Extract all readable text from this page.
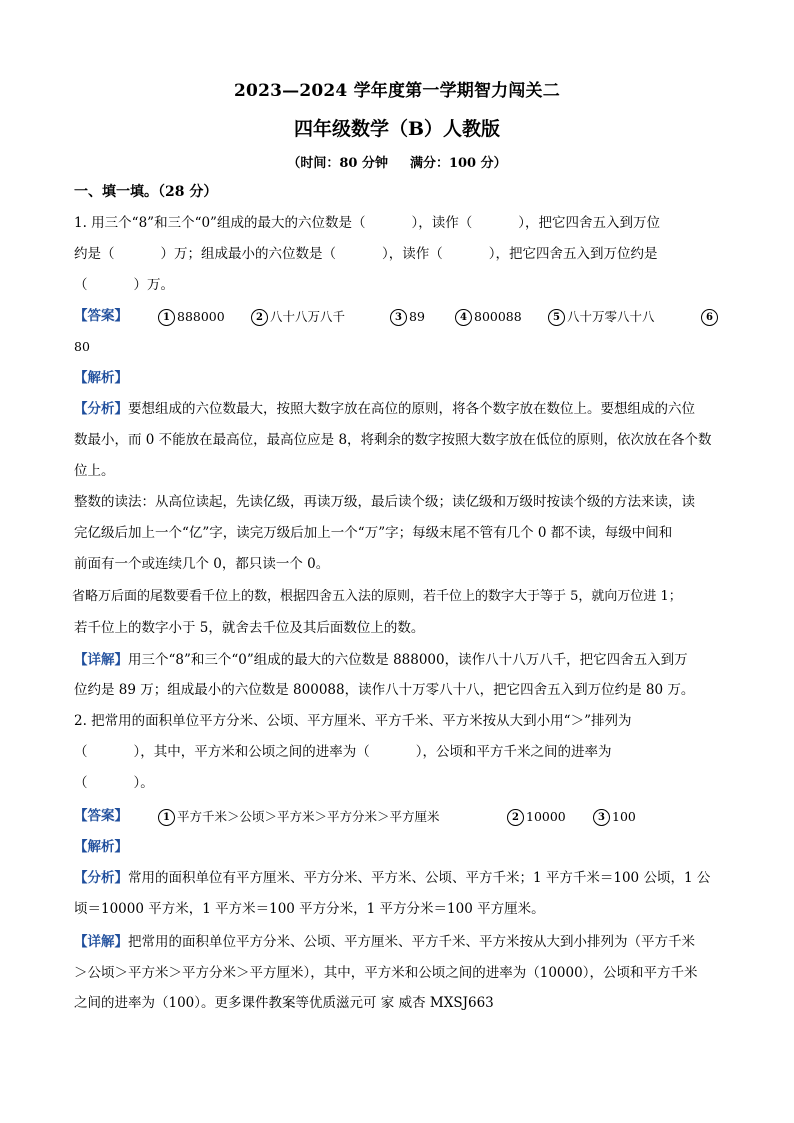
2023—2024 学年度第一学期智力闯关二
四年级数学（B）人教版
（时间：80 分钟 满分：100 分）
一、填一填。（28 分）
1. 用三个“8”和三个“0”组成的最大的六位数是（	），读作（	），把它四舍五入到万位
约是（	）万；组成最小的六位数是（	），读作（	），把它四舍五入到万位约是
（	）万。
【答案】	1 888000	2 八十八万八千	3 89	4 800088	5 八十万零八十八	6
80
【解析】
【分析】要想组成的六位数最大，按照大数字放在高位的原则，将各个数字放在数位上。要想组成的六位
数最小，而 0 不能放在最高位，最高位应是 8，将剩余的数字按照大数字放在低位的原则，依次放在各个数
位上。
整数的读法：从高位读起，先读亿级，再读万级，最后读个级；读亿级和万级时按读个级的方法来读，读
完亿级后加上一个“亿”字，读完万级后加上一个“万”字；每级末尾不管有几个 0 都不读，每级中间和
前面有一个或连续几个 0，都只读一个 0。
省略万后面的尾数要看千位上的数，根据四舍五入法的原则，若千位上的数字大于等于 5，就向万位进 1；
若千位上的数字小于 5，就舍去千位及其后面数位上的数。
【详解】用三个“8”和三个“0”组成的最大的六位数是 888000，读作八十八万八千，把它四舍五入到万
位约是 89 万；组成最小的六位数是 800088，读作八十万零八十八，把它四舍五入到万位约是 80 万。
2. 把常用的面积单位平方分米、公顷、平方厘米、平方千米、平方米按从大到小用“＞”排列为
（	），其中，平方米和公顷之间的进率为（	），公顷和平方千米之间的进率为
（	）。
【答案】	1 平方千米＞公顷＞平方米＞平方分米＞平方厘米	2 10000	3 100
【解析】
【分析】常用的面积单位有平方厘米、平方分米、平方米、公顷、平方千米；1 平方千米＝100 公顷，1 公
顷＝10000 平方米，1 平方米＝100 平方分米，1 平方分米＝100 平方厘米。
【详解】把常用的面积单位平方分米、公顷、平方厘米、平方千米、平方米按从大到小排列为（平方千米
＞公顷＞平方米＞平方分米＞平方厘米），其中，平方米和公顷之间的进率为（10000），公顷和平方千米
之间的进率为（100）。更多课件教案等优质滋元可 家 威杏 MXSJ663
